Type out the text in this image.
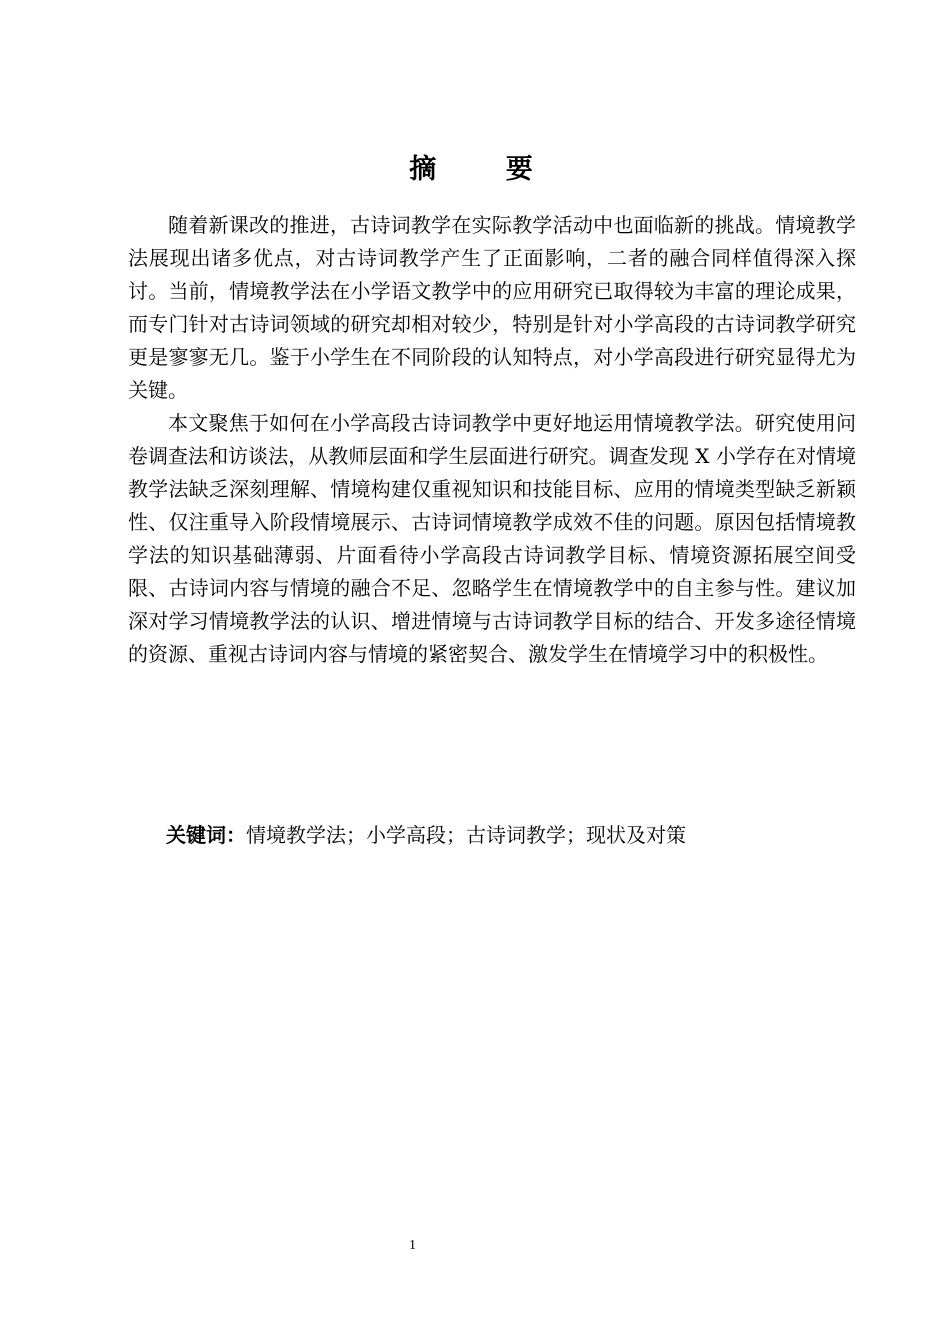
摘 要

随着新课改的推进，古诗词教学在实际教学活动中也面临新的挑战。情境教学法展现出诸多优点，对古诗词教学产生了正面影响，二者的融合同样值得深入探讨。当前，情境教学法在小学语文教学中的应用研究已取得较为丰富的理论成果，而专门针对古诗词领域的研究却相对较少，特别是针对小学高段的古诗词教学研究更是寥寥无几。鉴于小学生在不同阶段的认知特点，对小学高段进行研究显得尤为关键。

本文聚焦于如何在小学高段古诗词教学中更好地运用情境教学法。研究使用问卷调查法和访谈法，从教师层面和学生层面进行研究。调查发现 X 小学存在对情境教学法缺乏深刻理解、情境构建仅重视知识和技能目标、应用的情境类型缺乏新颖性、仅注重导入阶段情境展示、古诗词情境教学成效不佳的问题。原因包括情境教学法的知识基础薄弱、片面看待小学高段古诗词教学目标、情境资源拓展空间受限、古诗词内容与情境的融合不足、忽略学生在情境教学中的自主参与性。建议加深对学习情境教学法的认识、增进情境与古诗词教学目标的结合、开发多途径情境的资源、重视古诗词内容与情境的紧密契合、激发学生在情境学习中的积极性。

关键词：情境教学法；小学高段；古诗词教学；现状及对策
1
